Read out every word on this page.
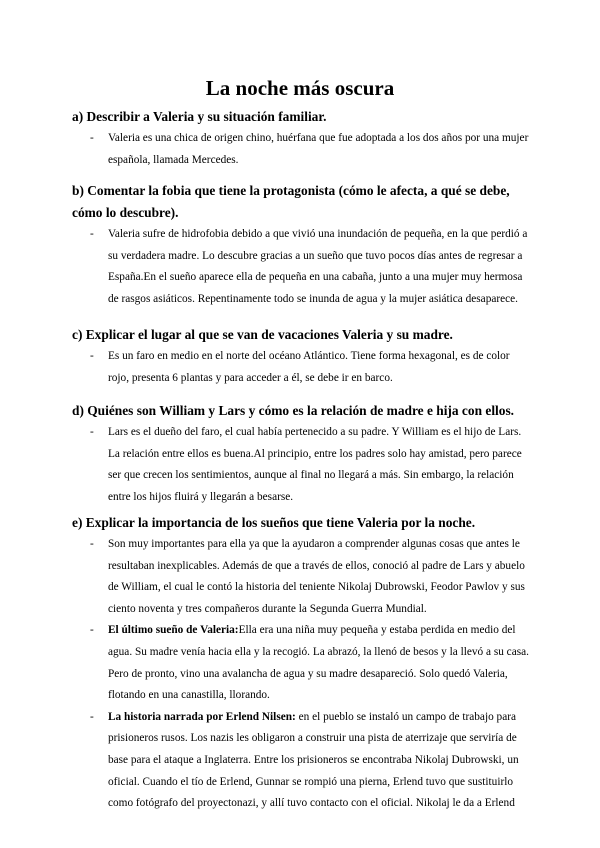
La noche más oscura
a) Describir a Valeria y su situación familiar.
- Valeria es una chica de origen chino, huérfana que fue adoptada a los dos años por una mujer española, llamada Mercedes.
b) Comentar la fobia que tiene la protagonista (cómo le afecta, a qué se debe, cómo lo descubre).
- Valeria sufre de hidrofobia debido a que vivió una inundación de pequeña, en la que perdió a su verdadera madre. Lo descubre gracias a un sueño que tuvo pocos días antes de regresar a España.En el sueño aparece ella de pequeña en una cabaña, junto a una mujer muy hermosa de rasgos asiáticos. Repentinamente todo se inunda de agua y la mujer asiática desaparece.
c) Explicar el lugar al que se van de vacaciones Valeria y su madre.
- Es un faro en medio en el norte del océano Atlántico. Tiene forma hexagonal, es de color rojo, presenta 6 plantas y para acceder a él, se debe ir en barco.
d) Quiénes son William y Lars y cómo es la relación de madre e hija con ellos.
- Lars es el dueño del faro, el cual había pertenecido a su padre. Y William es el hijo de Lars. La relación entre ellos es buena.Al principio, entre los padres solo hay amistad, pero parece ser que crecen los sentimientos, aunque al final no llegará a más. Sin embargo, la relación entre los hijos fluirá y llegarán a besarse.
e) Explicar la importancia de los sueños que tiene Valeria por la noche.
- Son muy importantes para ella ya que la ayudaron a comprender algunas cosas que antes le resultaban inexplicables. Además de que a través de ellos, conoció al padre de Lars y abuelo de William, el cual le contó la historia del teniente Nikolaj Dubrowski, Feodor Pawlov y sus ciento noventa y tres compañeros durante la Segunda Guerra Mundial.
- El último sueño de Valeria:Ella era una niña muy pequeña y estaba perdida en medio del agua. Su madre venía hacia ella y la recogió. La abrazó, la llenó de besos y la llevó a su casa. Pero de pronto, vino una avalancha de agua y su madre desapareció. Solo quedó Valeria, flotando en una canastilla, llorando.
- La historia narrada por Erlend Nilsen: en el pueblo se instaló un campo de trabajo para prisioneros rusos. Los nazis les obligaron a construir una pista de aterrizaje que serviría de base para el ataque a Inglaterra. Entre los prisioneros se encontraba Nikolaj Dubrowski, un oficial. Cuando el tío de Erlend, Gunnar se rompió una pierna, Erlend tuvo que sustituirlo como fotógrafo del proyectonazi, y allí tuvo contacto con el oficial. Nikolaj le da a Erlend
